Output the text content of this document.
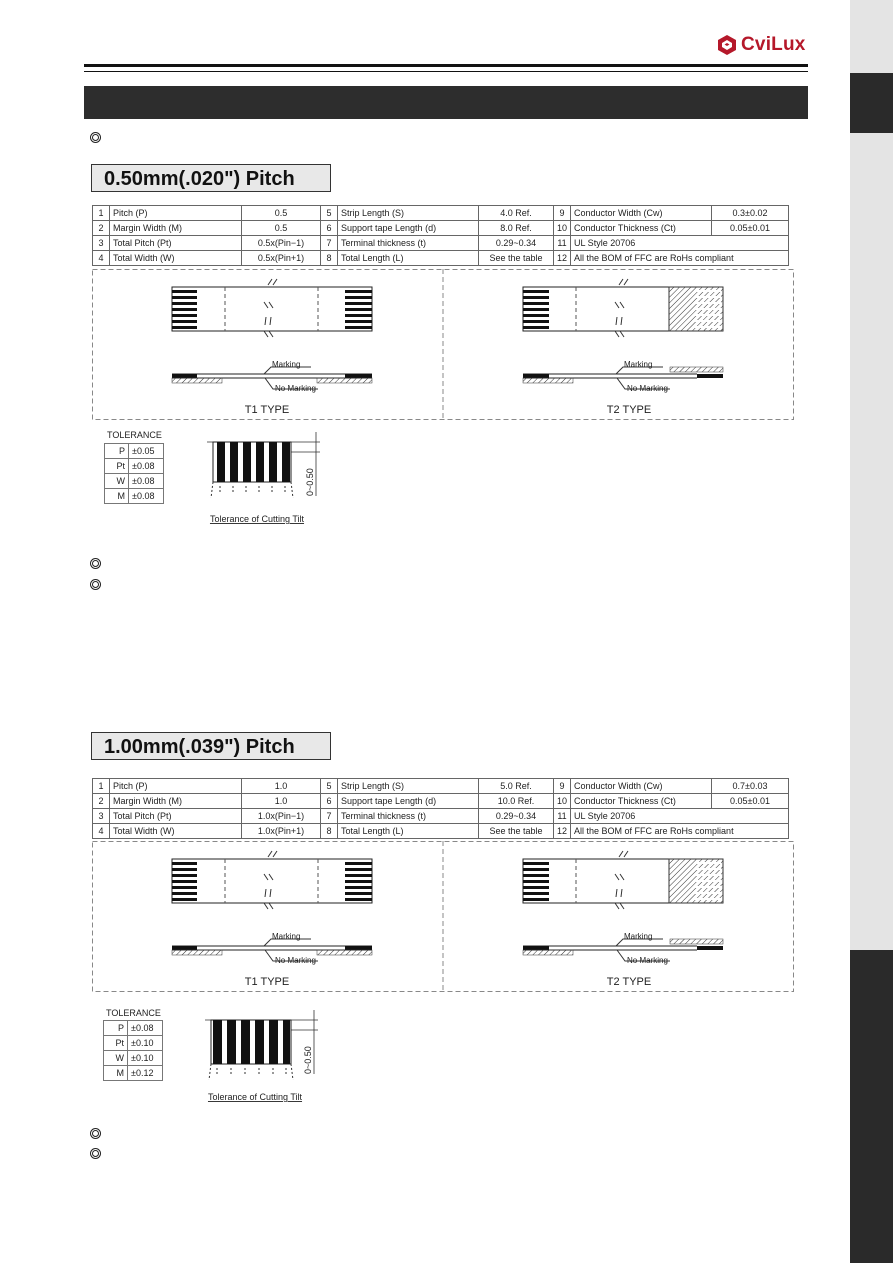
CviLux
0.50mm(.020") Pitch
1	Pitch (P)	0.5	5	Strip Length (S)	4.0 Ref.	9	Conductor Width (Cw)	0.3±0.02
2	Margin Width (M)	0.5	6	Support tape Length (d)	8.0 Ref.	10	Conductor Thickness (Ct)	0.05±0.01
3	Total Pitch (Pt)	0.5x(Pin−1)	7	Terminal thickness (t)	0.29~0.34	11	UL Style 20706	
4	Total Width (W)	0.5x(Pin+1)	8	Total Length (L)	See the table	12	All the BOM of FFC are RoHs compliant	
Marking
No Marking
T1 TYPE
Marking
No Marking
T2 TYPE
TOLERANCE
P	±0.05
Pt	±0.08
W	±0.08
M	±0.08	0~0.50
Tolerance of Cutting Tilt
1.00mm(.039") Pitch
1	Pitch (P)	1.0	5	Strip Length (S)	5.0 Ref.	9	Conductor Width (Cw)	0.7±0.03
2	Margin Width (M)	1.0	6	Support tape Length (d)	10.0 Ref.	10	Conductor Thickness (Ct)	0.05±0.01
3	Total Pitch (Pt)	1.0x(Pin−1)	7	Terminal thickness (t)	0.29~0.34	11	UL Style 20706	
4	Total Width (W)	1.0x(Pin+1)	8	Total Length (L)	See the table	12	All the BOM of FFC are RoHs compliant	
Marking
No Marking
T1 TYPE
Marking
No Marking
T2 TYPE
TOLERANCE
P	±0.08
Pt	±0.10
W	±0.10
M	±0.12	0~0.50
Tolerance of Cutting Tilt
